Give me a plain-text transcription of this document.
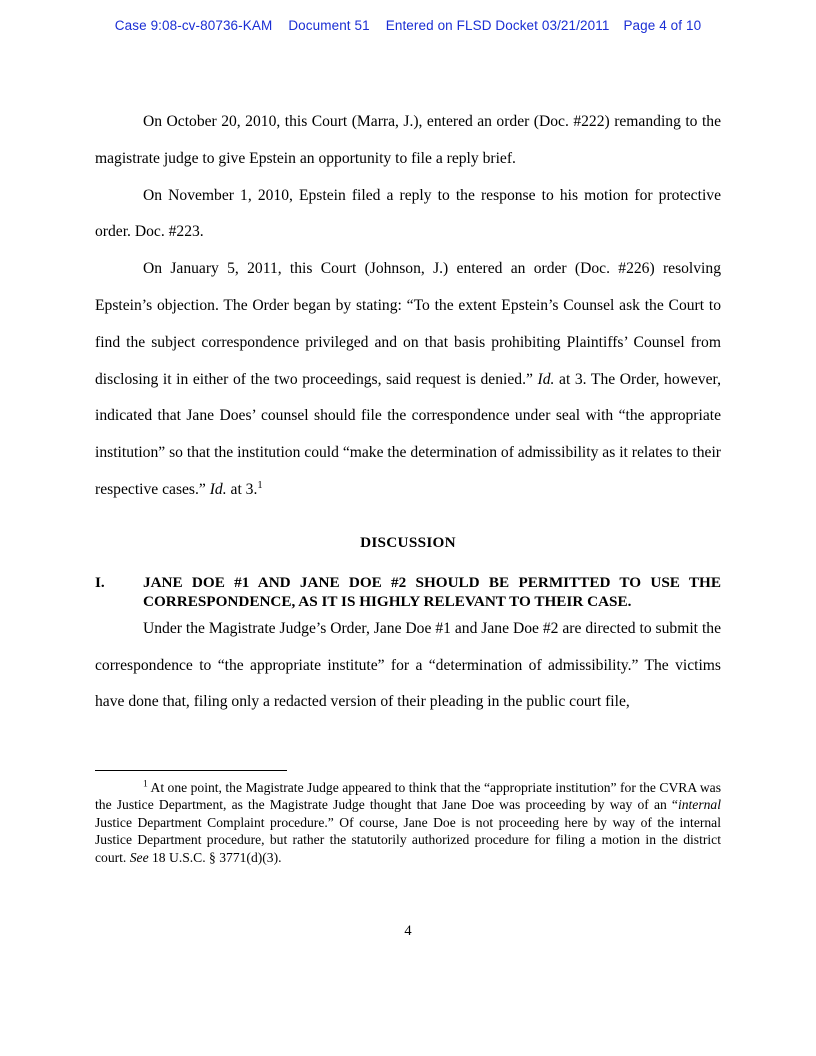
Case 9:08-cv-80736-KAM Document 51 Entered on FLSD Docket 03/21/2011 Page 4 of 10

On October 20, 2010, this Court (Marra, J.), entered an order (Doc. #222) remanding to the magistrate judge to give Epstein an opportunity to file a reply brief.

On November 1, 2010, Epstein filed a reply to the response to his motion for protective order. Doc. #223.

On January 5, 2011, this Court (Johnson, J.) entered an order (Doc. #226) resolving Epstein’s objection. The Order began by stating: “To the extent Epstein’s Counsel ask the Court to find the subject correspondence privileged and on that basis prohibiting Plaintiffs’ Counsel from disclosing it in either of the two proceedings, said request is denied.” Id. at 3. The Order, however, indicated that Jane Does’ counsel should file the correspondence under seal with “the appropriate institution” so that the institution could “make the determination of admissibility as it relates to their respective cases.” Id. at 3.$^1$

DISCUSSION
I.	JANE DOE #1 AND JANE DOE #2 SHOULD BE PERMITTED TO USE THE CORRESPONDENCE, AS IT IS HIGHLY RELEVANT TO THEIR CASE.

Under the Magistrate Judge’s Order, Jane Doe #1 and Jane Doe #2 are directed to submit the correspondence to “the appropriate institute” for a “determination of admissibility.” The victims have done that, filing only a redacted version of their pleading in the public court file,

$^1$ At one point, the Magistrate Judge appeared to think that the “appropriate institution” for the CVRA was the Justice Department, as the Magistrate Judge thought that Jane Doe was proceeding by way of an “internal Justice Department Complaint procedure.” Of course, Jane Doe is not proceeding here by way of the internal Justice Department procedure, but rather the statutorily authorized procedure for filing a motion in the district court. See 18 U.S.C. § 3771(d)(3).
4
